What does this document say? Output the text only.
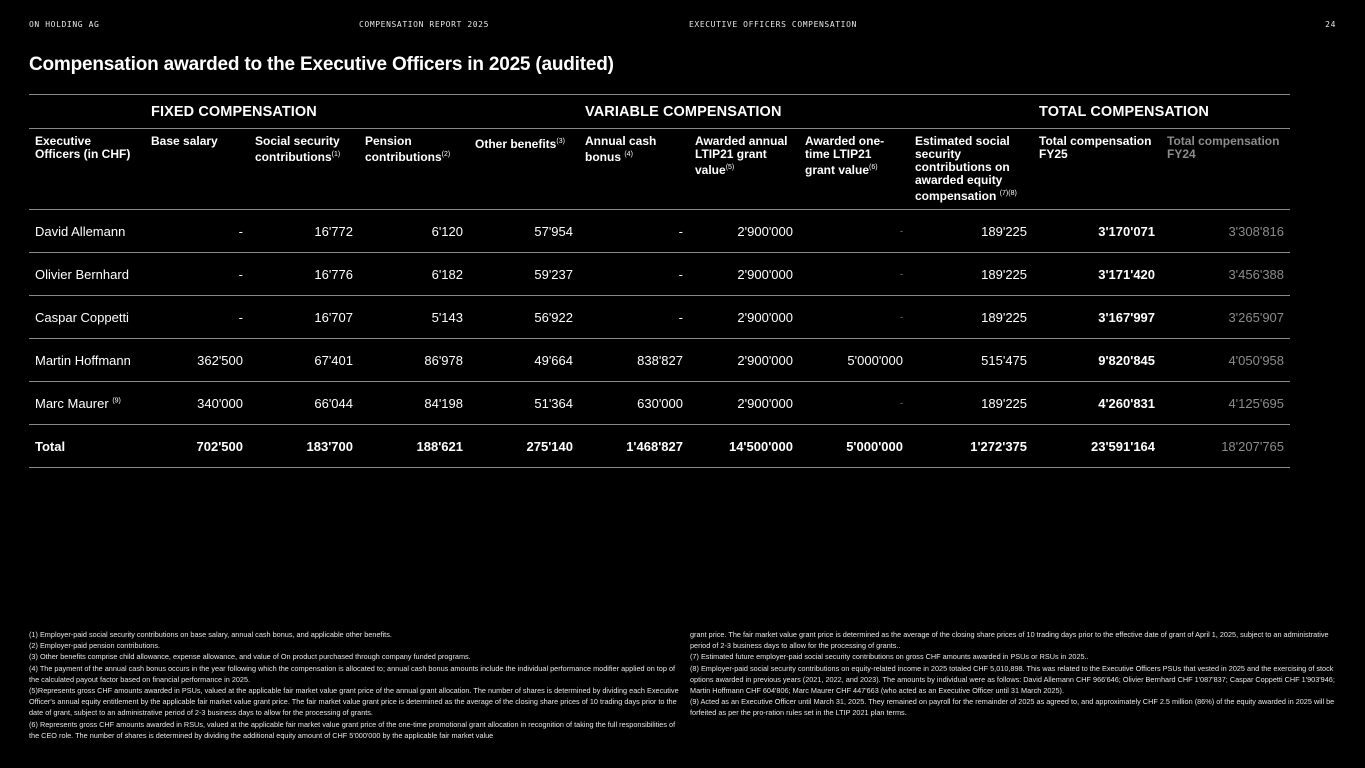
ON HOLDING AG	COMPENSATION REPORT 2025	EXECUTIVE OFFICERS COMPENSATION	24
Compensation awarded to the Executive Officers in 2025 (audited)
	FIXED COMPENSATION				VARIABLE COMPENSATION				TOTAL COMPENSATION	
Executive Officers (in CHF)	Base salary	Social security contributions$^{(1)}$	Pension contributions$^{(2)}$	Other benefits$^{(3)}$	Annual cash bonus $^{(4)}$	Awarded annual LTIP21 grant value$^{(5)}$	Awarded one-time LTIP21 grant value$^{(6)}$	Estimated social security contributions on awarded equity compensation $^{(7)(8)}$	Total compensation FY25	Total compensation FY24
David Allemann	-	16'772	6'120	57'954	-	2'900'000	-	189'225	3'170'071	3'308'816
Olivier Bernhard	-	16'776	6'182	59'237	-	2'900'000	-	189'225	3'171'420	3'456'388
Caspar Coppetti	-	16'707	5'143	56'922	-	2'900'000	-	189'225	3'167'997	3'265'907
Martin Hoffmann	362'500	67'401	86'978	49'664	838'827	2'900'000	5'000'000	515'475	9'820'845	4'050'958
Marc Maurer $^{(9)}$	340'000	66'044	84'198	51'364	630'000	2'900'000	-	189'225	4'260'831	4'125'695
Total	702'500	183'700	188'621	275'140	1'468'827	14'500'000	5'000'000	1'272'375	23'591'164	18'207'765
(1) Employer-paid social security contributions on base salary, annual cash bonus, and applicable other benefits.
(2) Employer-paid pension contributions.
(3) Other benefits comprise child allowance, expense allowance, and value of On product purchased through company funded programs.
(4) The payment of the annual cash bonus occurs in the year following which the compensation is allocated to; annual cash bonus amounts include the individual performance modifier applied on top of the calculated payout factor based on financial performance in 2025.
(5)Represents gross CHF amounts awarded in PSUs, valued at the applicable fair market value grant price of the annual grant allocation. The number of shares is determined by dividing each Executive Officer's annual equity entitlement by the applicable fair market value grant price. The fair market value grant price is determined as the average of the closing share prices of 10 trading days prior to the date of grant, subject to an administrative period of 2-3 business days to allow for the processing of grants.
(6) Represents gross CHF amounts awarded in RSUs, valued at the applicable fair market value grant price of the one-time promotional grant allocation in recognition of taking the full responsibilities of the CEO role. The number of shares is determined by dividing the additional equity amount of CHF 5'000'000 by the applicable fair market value
grant price. The fair market value grant price is determined as the average of the closing share prices of 10 trading days prior to the effective date of grant of April 1, 2025, subject to an administrative period of 2-3 business days to allow for the processing of grants..
(7) Estimated future employer-paid social security contributions on gross CHF amounts awarded in PSUs or RSUs in 2025..
(8) Employer-paid social security contributions on equity-related income in 2025 totaled CHF 5,010,898. This was related to the Executive Officers PSUs that vested in 2025 and the exercising of stock options awarded in previous years (2021, 2022, and 2023). The amounts by individual were as follows: David Allemann CHF 966'646; Olivier Bernhard CHF 1'087'837; Caspar Coppetti CHF 1'903'946; Martin Hoffmann CHF 604'806; Marc Maurer CHF 447'663 (who acted as an Executive Officer until 31 March 2025).
(9) Acted as an Executive Officer until March 31, 2025. They remained on payroll for the remainder of 2025 as agreed to, and approximately CHF 2.5 million (86%) of the equity awarded in 2025 will be forfeited as per the pro-ration rules set in the LTIP 2021 plan terms.
